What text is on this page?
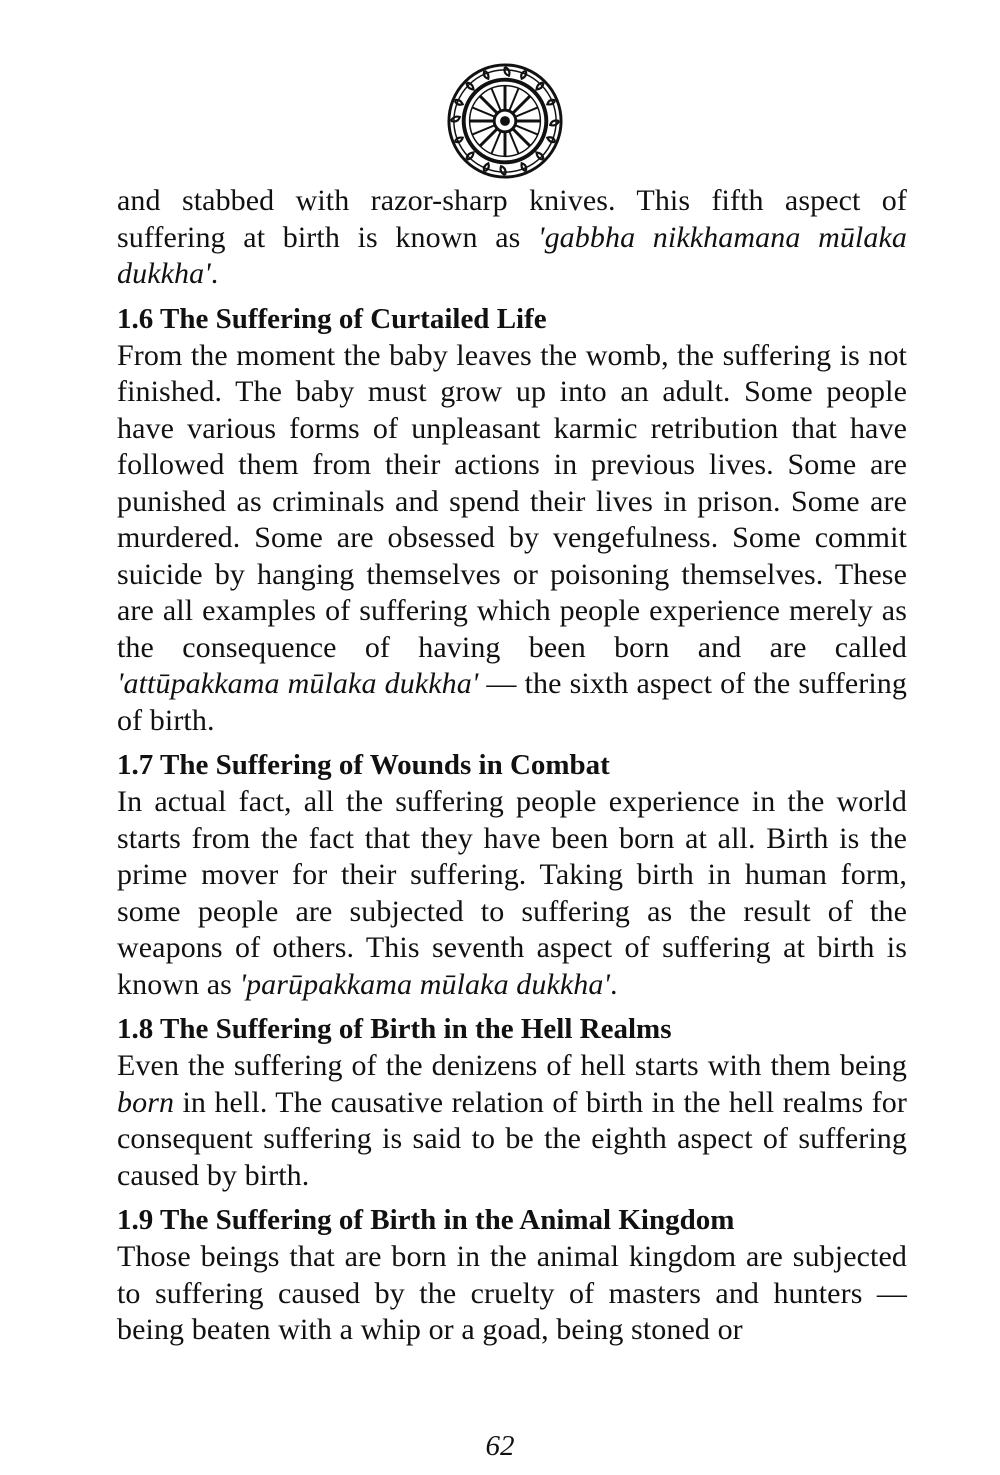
and stabbed with razor-sharp knives. This fifth aspect of suffering at birth is known as 'gabbha nikkhamana mūlaka dukkha'.

1.6 The Suffering of Curtailed Life

From the moment the baby leaves the womb, the suffering is not finished. The baby must grow up into an adult. Some people have various forms of unpleasant karmic retribution that have followed them from their actions in previous lives. Some are punished as criminals and spend their lives in prison. Some are murdered. Some are obsessed by vengefulness. Some commit suicide by hanging themselves or poisoning themselves. These are all examples of suffering which people experience merely as the consequence of having been born and are called 'attūpakkama mūlaka dukkha' — the sixth aspect of the suffering of birth.

1.7 The Suffering of Wounds in Combat

In actual fact, all the suffering people experience in the world starts from the fact that they have been born at all. Birth is the prime mover for their suffering. Taking birth in human form, some people are subjected to suffering as the result of the weapons of others. This seventh aspect of suffering at birth is known as 'parūpakkama mūlaka dukkha'.

1.8 The Suffering of Birth in the Hell Realms

Even the suffering of the denizens of hell starts with them being born in hell. The causative relation of birth in the hell realms for consequent suffering is said to be the eighth aspect of suffering caused by birth.

1.9 The Suffering of Birth in the Animal Kingdom

Those beings that are born in the animal kingdom are subjected to suffering caused by the cruelty of masters and hunters — being beaten with a whip or a goad, being stoned or

62
